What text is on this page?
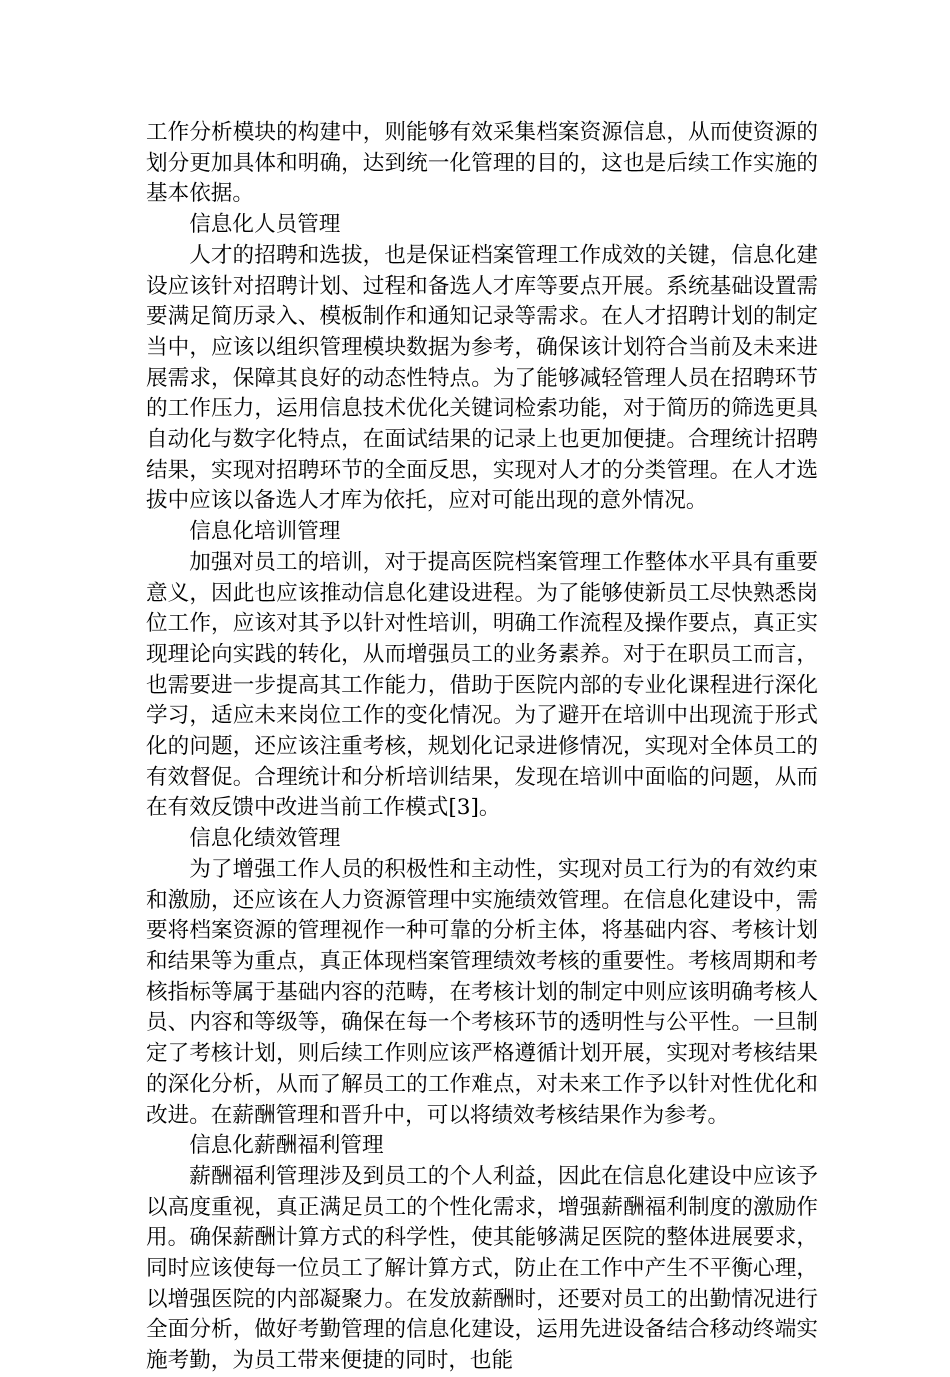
工作分析模块的构建中，则能够有效采集档案资源信息，从而使资源的划分更加具体和明确，达到统一化管理的目的，这也是后续工作实施的基本依据。

信息化人员管理

人才的招聘和选拔，也是保证档案管理工作成效的关键，信息化建设应该针对招聘计划、过程和备选人才库等要点开展。系统基础设置需要满足简历录入、模板制作和通知记录等需求。在人才招聘计划的制定当中，应该以组织管理模块数据为参考，确保该计划符合当前及未来进展需求，保障其良好的动态性特点。为了能够减轻管理人员在招聘环节的工作压力，运用信息技术优化关键词检索功能，对于简历的筛选更具自动化与数字化特点，在面试结果的记录上也更加便捷。合理统计招聘结果，实现对招聘环节的全面反思，实现对人才的分类管理。在人才选拔中应该以备选人才库为依托，应对可能出现的意外情况。

信息化培训管理

加强对员工的培训，对于提高医院档案管理工作整体水平具有重要意义，因此也应该推动信息化建设进程。为了能够使新员工尽快熟悉岗位工作，应该对其予以针对性培训，明确工作流程及操作要点，真正实现理论向实践的转化，从而增强员工的业务素养。对于在职员工而言，也需要进一步提高其工作能力，借助于医院内部的专业化课程进行深化学习，适应未来岗位工作的变化情况。为了避开在培训中出现流于形式化的问题，还应该注重考核，规划化记录进修情况，实现对全体员工的有效督促。合理统计和分析培训结果，发现在培训中面临的问题，从而在有效反馈中改进当前工作模式[3]。

信息化绩效管理

为了增强工作人员的积极性和主动性，实现对员工行为的有效约束和激励，还应该在人力资源管理中实施绩效管理。在信息化建设中，需要将档案资源的管理视作一种可靠的分析主体，将基础内容、考核计划和结果等为重点，真正体现档案管理绩效考核的重要性。考核周期和考核指标等属于基础内容的范畴，在考核计划的制定中则应该明确考核人员、内容和等级等，确保在每一个考核环节的透明性与公平性。一旦制定了考核计划，则后续工作则应该严格遵循计划开展，实现对考核结果的深化分析，从而了解员工的工作难点，对未来工作予以针对性优化和改进。在薪酬管理和晋升中，可以将绩效考核结果作为参考。

信息化薪酬福利管理

薪酬福利管理涉及到员工的个人利益，因此在信息化建设中应该予以高度重视，真正满足员工的个性化需求，增强薪酬福利制度的激励作用。确保薪酬计算方式的科学性，使其能够满足医院的整体进展要求，同时应该使每一位员工了解计算方式，防止在工作中产生不平衡心理，以增强医院的内部凝聚力。在发放薪酬时，还要对员工的出勤情况进行全面分析，做好考勤管理的信息化建设，运用先进设备结合移动终端实施考勤，为员工带来便捷的同时，也能
